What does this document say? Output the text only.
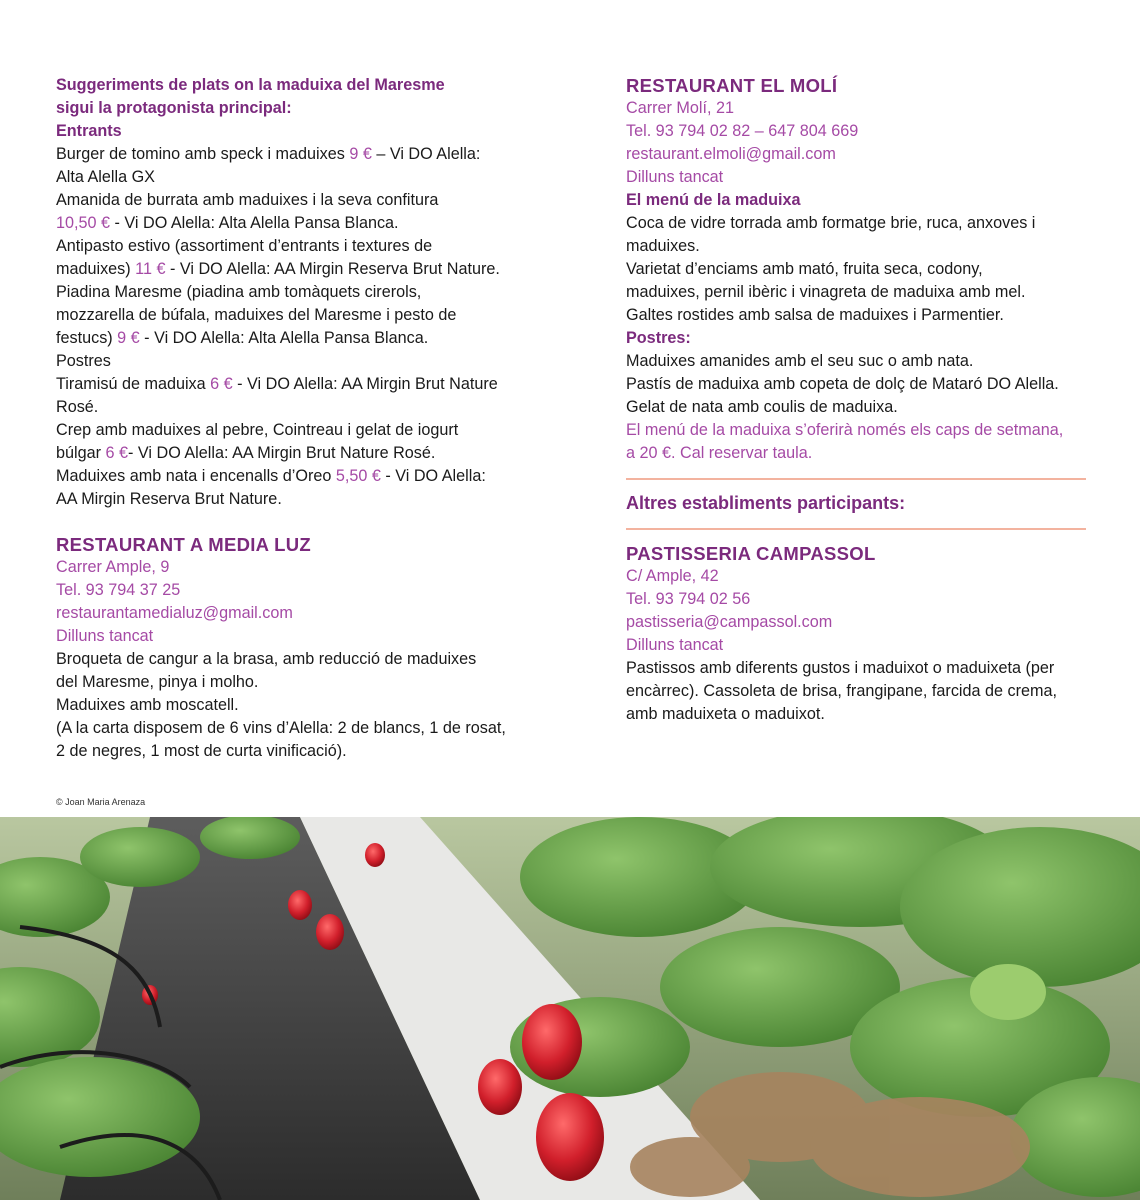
Suggeriments de plats on la maduixa del Maresme

sigui la protagonista principal:

Entrants

Burger de tomino amb speck i maduixes 9 € – Vi DO Alella:

Alta Alella GX

Amanida de burrata amb maduixes i la seva confitura

10,50 € - Vi DO Alella: Alta Alella Pansa Blanca.

Antipasto estivo (assortiment d’entrants i textures de

maduixes) 11 € - Vi DO Alella: AA Mirgin Reserva Brut Nature.

Piadina Maresme (piadina amb tomàquets cirerols,

mozzarella de búfala, maduixes del Maresme i pesto de

festucs) 9 € - Vi DO Alella: Alta Alella Pansa Blanca.

Postres

Tiramisú de maduixa 6 € - Vi DO Alella: AA Mirgin Brut Nature

Rosé.

Crep amb maduixes al pebre, Cointreau i gelat de iogurt

búlgar 6 €- Vi DO Alella: AA Mirgin Brut Nature Rosé.

Maduixes amb nata i encenalls d’Oreo 5,50 € - Vi DO Alella:

AA Mirgin Reserva Brut Nature.

RESTAURANT A MEDIA LUZ

Carrer Ample, 9

Tel. 93 794 37 25

restaurantamedialuz@gmail.com

Dilluns tancat

Broqueta de cangur a la brasa, amb reducció de maduixes

del Maresme, pinya i molho.

Maduixes amb moscatell.

(A la carta disposem de 6 vins d’Alella: 2 de blancs, 1 de rosat,

2 de negres, 1 most de curta vinificació).

RESTAURANT EL MOLÍ

Carrer Molí, 21

Tel. 93 794 02 82 – 647 804 669

restaurant.elmoli@gmail.com

Dilluns tancat

El menú de la maduixa

Coca de vidre torrada amb formatge brie, ruca, anxoves i

maduixes.

Varietat d’enciams amb mató, fruita seca, codony,

maduixes, pernil ibèric i vinagreta de maduixa amb mel.

Galtes rostides amb salsa de maduixes i Parmentier.

Postres:

Maduixes amanides amb el seu suc o amb nata.

Pastís de maduixa amb copeta de dolç de Mataró DO Alella.

Gelat de nata amb coulis de maduixa.

El menú de la maduixa s’oferirà només els caps de setmana,

a 20 €. Cal reservar taula.

Altres establiments participants:

PASTISSERIA CAMPASSOL

C/ Ample, 42

Tel. 93 794 02 56

pastisseria@campassol.com

Dilluns tancat

Pastissos amb diferents gustos i maduixot o maduixeta (per

encàrrec). Cassoleta de brisa, frangipane, farcida de crema,

amb maduixeta o maduixot.

© Joan Maria Arenaza
